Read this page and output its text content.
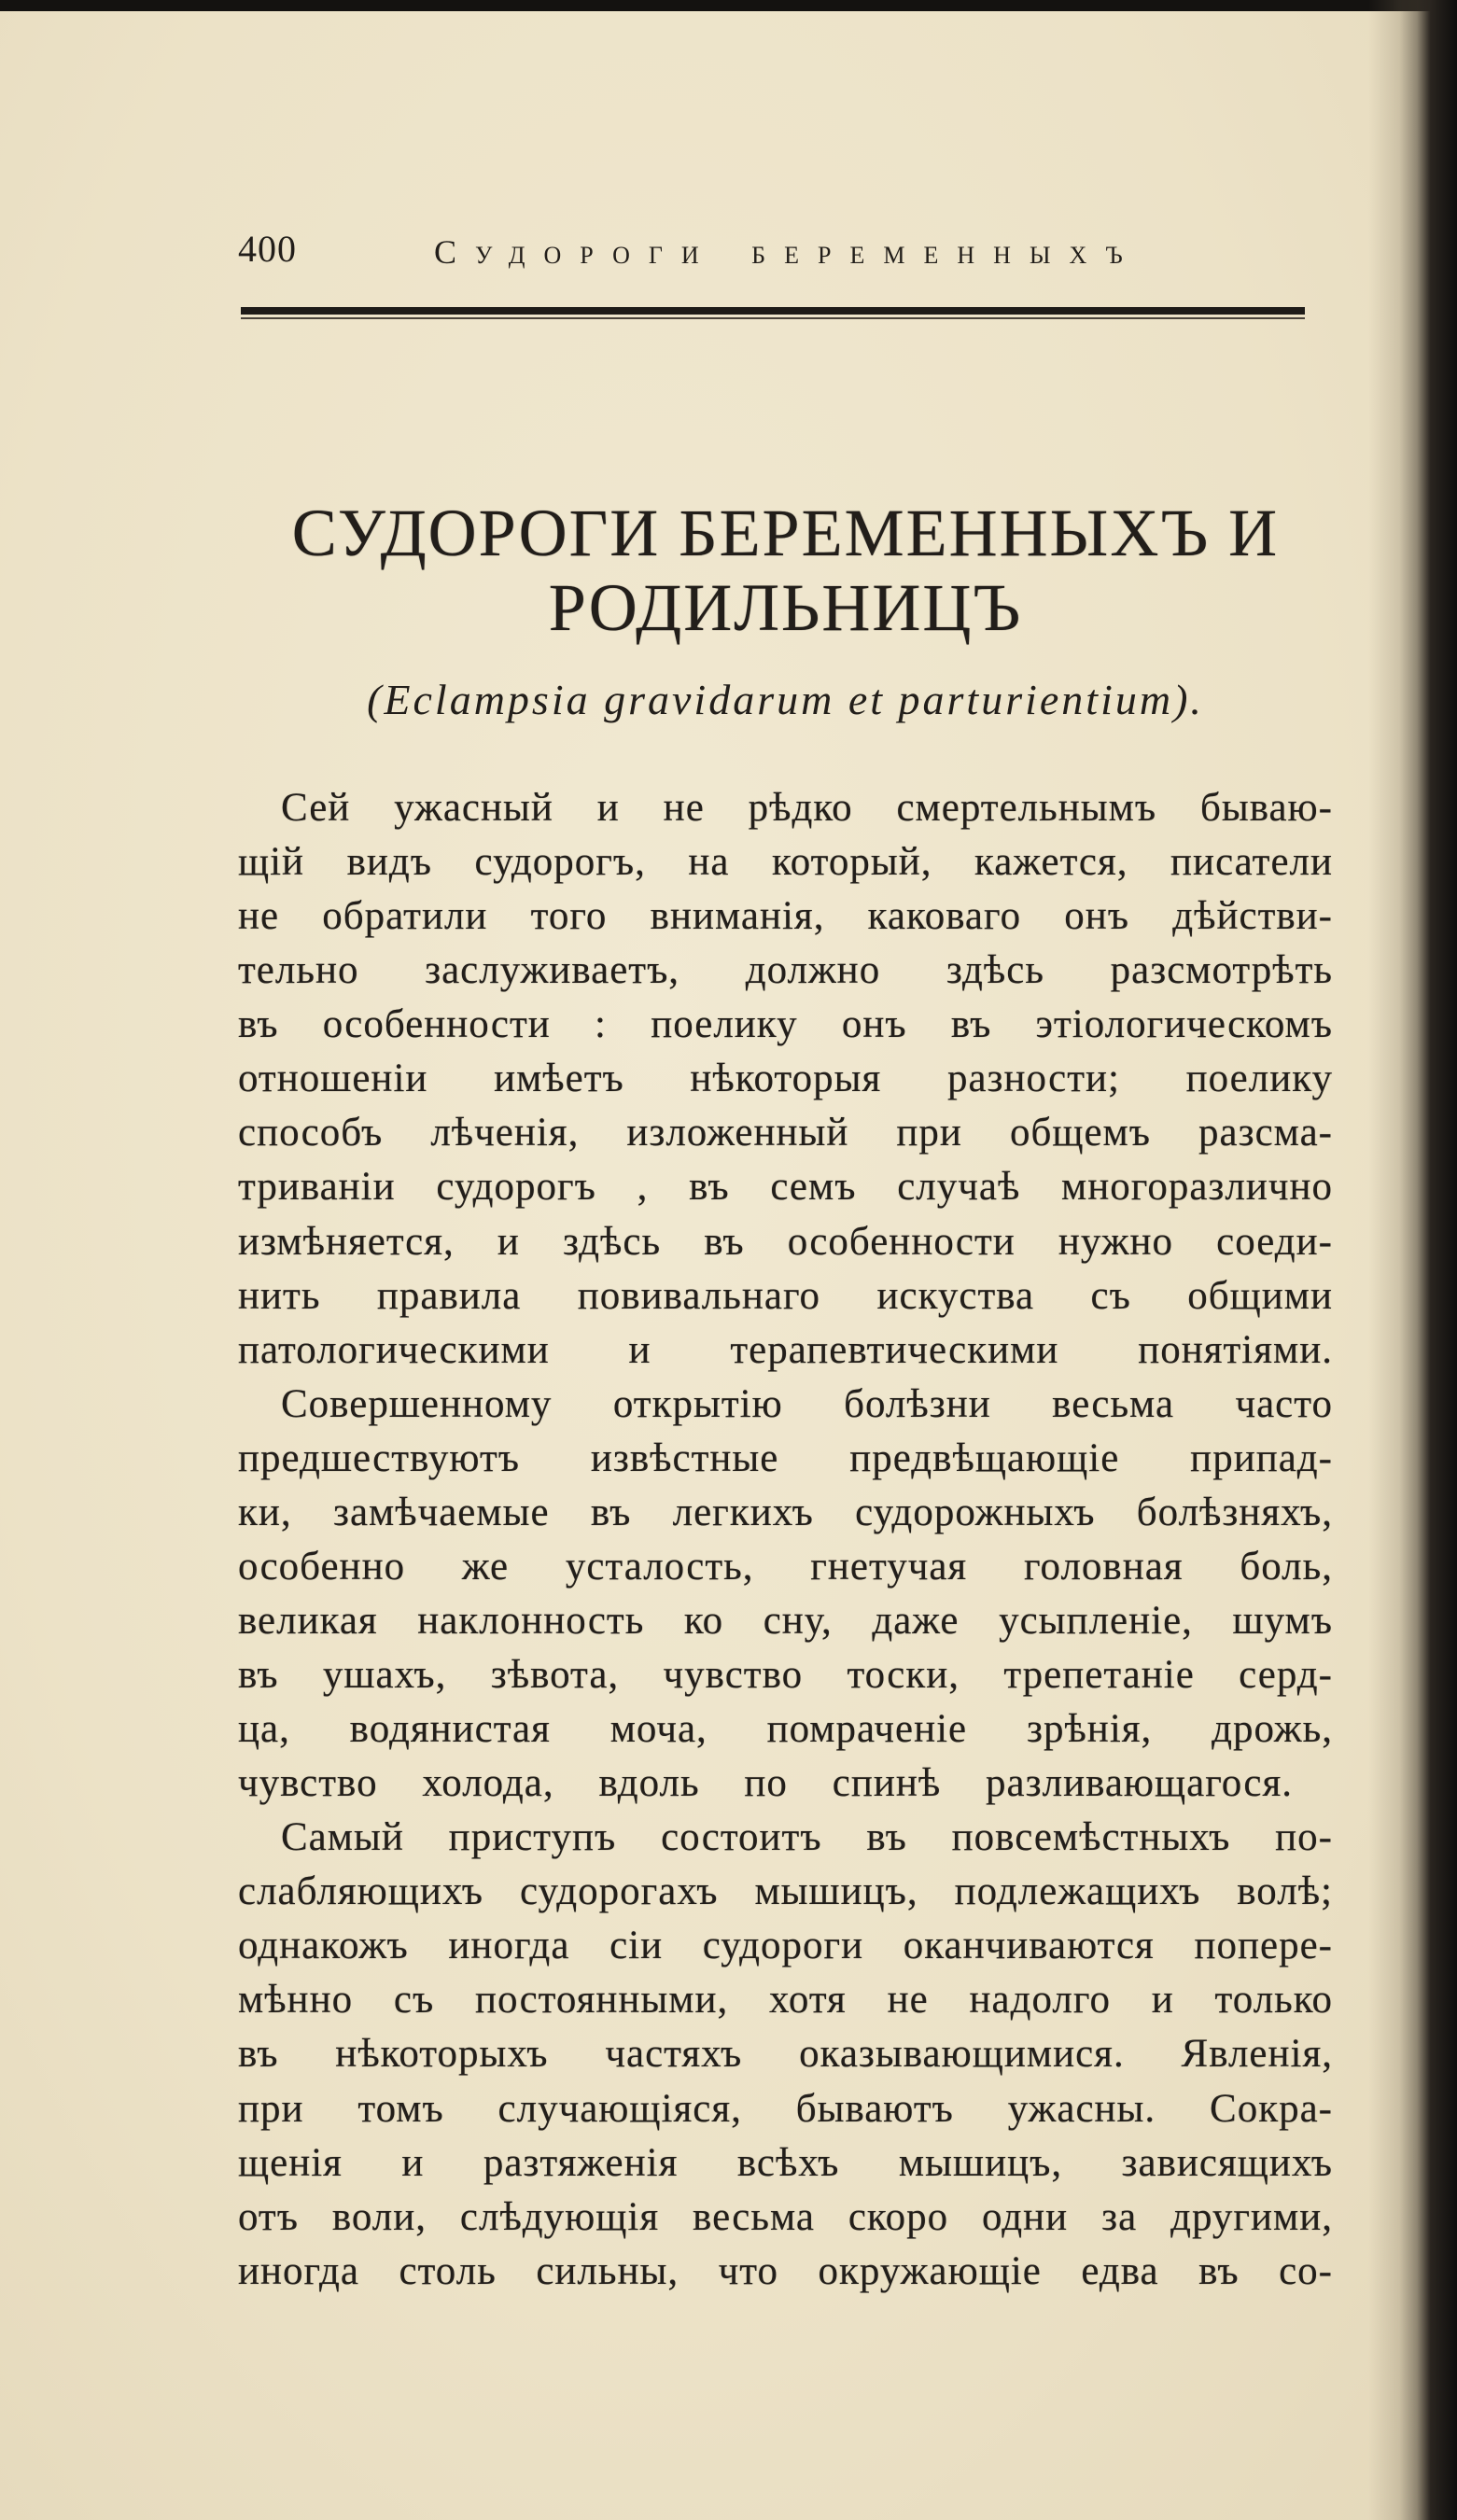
400	СУДОРОГИ БЕРЕМЕННЫХЪ
СУДОРОГИ БЕРЕМЕННЫХЪ И
РОДИЛЬНИЦЪ
(Eclampsia gravidarum et parturientium).
Сей ужасный и не рѣдко смертельнымъ бываю-
щій видъ судорогъ, на который, кажется, писатели
не обратили того вниманія, каковаго онъ дѣйстви-
тельно заслуживаетъ, должно здѣсь разсмотрѣть
въ особенности : поелику онъ въ этіологическомъ
отношеніи имѣетъ нѣкоторыя разности; поелику
способъ лѣченія, изложенный при общемъ разсма-
триваніи судорогъ , въ семъ случаѣ многоразлично
измѣняется, и здѣсь въ особенности нужно соеди-
нить правила повивальнаго искуства съ общими
патологическими и терапевтическими понятіями.
Совершенному открытію болѣзни весьма часто
предшествуютъ извѣстные предвѣщающіе припад-
ки, замѣчаемые въ легкихъ судорожныхъ болѣзняхъ,
особенно же усталость, гнетучая головная боль,
великая наклонность ко сну, даже усыпленіе, шумъ
въ ушахъ, зѣвота, чувство тоски, трепетаніе серд-
ца, водянистая моча, помраченіе зрѣнія, дрожь,
чувство холода, вдоль по спинѣ разливающагося.
Самый приступъ состоитъ въ повсемѣстныхъ по-
слабляющихъ судорогахъ мышицъ, подлежащихъ волѣ;
однакожъ иногда сіи судороги оканчиваются попере-
мѣнно съ постоянными, хотя не надолго и только
въ нѣкоторыхъ частяхъ оказывающимися. Явленія,
при томъ случающіяся, бываютъ ужасны. Сокра-
щенія и разтяженія всѣхъ мышицъ, зависящихъ
отъ воли, слѣдующія весьма скоро одни за другими,
иногда столь сильны, что окружающіе едва въ со-
